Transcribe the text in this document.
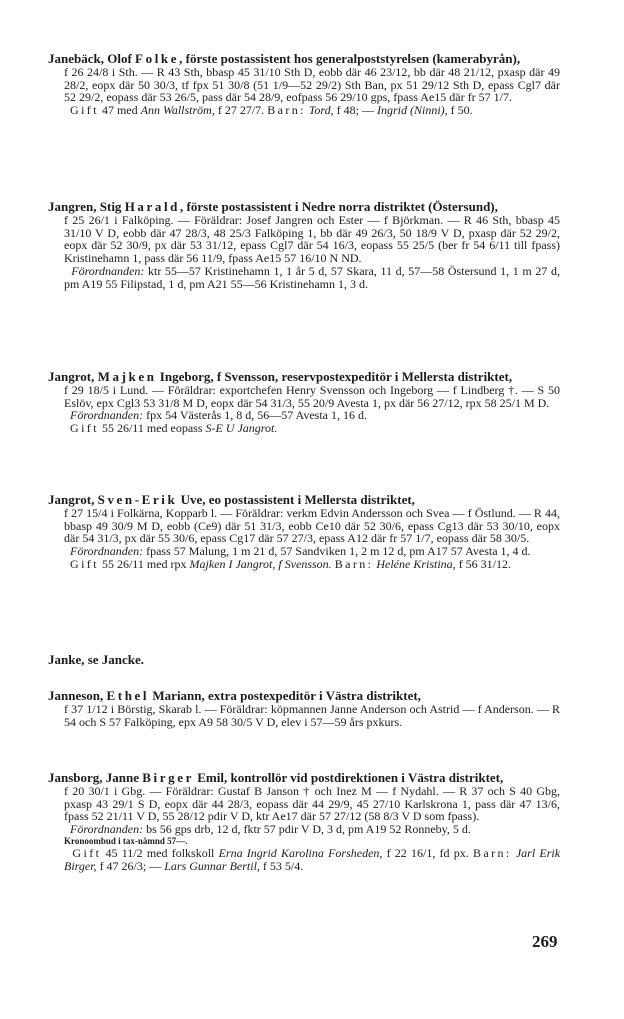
Janebäck, Olof Folke, förste postassistent hos generalpoststyrelsen (kamerabyrån),

f 26 24/8 i Sth. — R 43 Sth, bbasp 45 31/10 Sth D, eobb där 46 23/12, bb där 48 21/12, pxasp där 49 28/2, eopx där 50 30/3, tf fpx 51 30/8 (51 1/9—52 29/2) Sth Ban, px 51 29/12 Sth D, epass Cgl7 där 52 29/2, eopass där 53 26/5, pass där 54 28/9, eofpass 56 29/10 gps, fpass Ae15 där fr 57 1/7.

Gift 47 med Ann Wallström, f 27 27/7. Barn: Tord, f 48; — Ingrid (Ninni), f 50.

Jangren, Stig Harald, förste postassistent i Nedre norra distriktet (Östersund),

f 25 26/1 i Falköping. — Föräldrar: Josef Jangren och Ester — f Björkman. — R 46 Sth, bbasp 45 31/10 V D, eobb där 47 28/3, 48 25/3 Falköping 1, bb där 49 26/3, 50 18/9 V D, pxasp där 52 29/2, eopx där 52 30/9, px där 53 31/12, epass Cgl7 där 54 16/3, eopass 55 25/5 (ber fr 54 6/11 till fpass) Kristinehamn 1, pass där 56 11/9, fpass Ae15 57 16/10 N ND.

Förordnanden: ktr 55—57 Kristinehamn 1, 1 år 5 d, 57 Skara, 11 d, 57—58 Östersund 1, 1 m 27 d, pm A19 55 Filipstad, 1 d, pm A21 55—56 Kristinehamn 1, 3 d.

Jangrot, Majken Ingeborg, f Svensson, reservpostexpeditör i Mellersta distriktet,

f 29 18/5 i Lund. — Föräldrar: exportchefen Henry Svensson och Ingeborg — f Lindberg †. — S 50 Eslöv, epx Cgl3 53 31/8 M D, eopx där 54 31/3, 55 20/9 Avesta 1, px där 56 27/12, rpx 58 25/1 M D.

Förordnanden: fpx 54 Västerås 1, 8 d, 56—57 Avesta 1, 16 d.

Gift 55 26/11 med eopass S-E U Jangrot.

Jangrot, Sven-Erik Uve, eo postassistent i Mellersta distriktet,

f 27 15/4 i Folkärna, Kopparb l. — Föräldrar: verkm Edvin Andersson och Svea — f Östlund. — R 44, bbasp 49 30/9 M D, eobb (Ce9) där 51 31/3, eobb Ce10 där 52 30/6, epass Cg13 där 53 30/10, eopx där 54 31/3, px där 55 30/6, epass Cg17 där 57 27/3, epass A12 där fr 57 1/7, eopass där 58 30/5.

Förordnanden: fpass 57 Malung, 1 m 21 d, 57 Sandviken 1, 2 m 12 d, pm A17 57 Avesta 1, 4 d.

Gift 55 26/11 med rpx Majken I Jangrot, f Svensson. Barn: Heléne Kristina, f 56 31/12.

Janke, se Jancke.

Janneson, Ethel Mariann, extra postexpeditör i Västra distriktet,

f 37 1/12 i Börstig, Skarab l. — Föräldrar: köpmannen Janne Anderson och Astrid — f Anderson. — R 54 och S 57 Falköping, epx A9 58 30/5 V D, elev i 57—59 års pxkurs.

Jansborg, Janne Birger Emil, kontrollör vid postdirektionen i Västra distriktet,

f 20 30/1 i Gbg. — Föräldrar: Gustaf B Janson † och Inez M — f Nydahl. — R 37 och S 40 Gbg, pxasp 43 29/1 S D, eopx där 44 28/3, eopass där 44 29/9, 45 27/10 Karlskrona 1, pass där 47 13/6, fpass 52 21/11 V D, 55 28/12 pdir V D, ktr Ae17 där 57 27/12 (58 8/3 V D som fpass).

Förordnanden: bs 56 gps drb, 12 d, fktr 57 pdir V D, 3 d, pm A19 52 Ronneby, 5 d.

Kronoombud i tax-nämnd 57—.

Gift 45 11/2 med folkskoll Erna Ingrid Karolina Forsheden, f 22 16/1, fd px. Barn: Jarl Erik Birger, f 47 26/3; — Lars Gunnar Bertil, f 53 5/4.

269
